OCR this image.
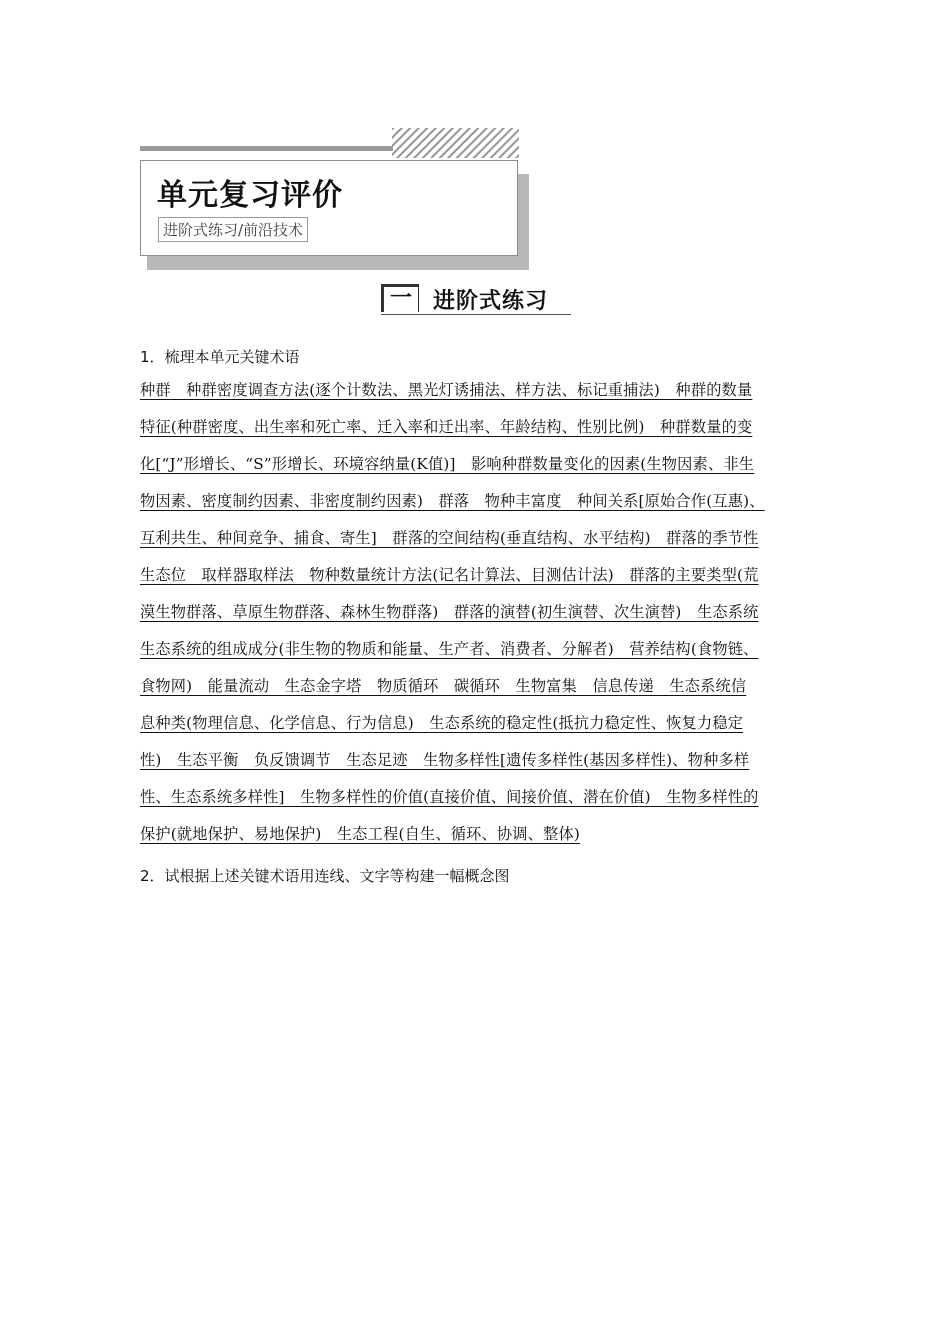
单元复习评价
进阶式练习/前沿技术
一 进阶式练习
1．梳理本单元关键术语
种群　种群密度调查方法(逐个计数法、黑光灯诱捕法、样方法、标记重捕法)　种群的数量
特征(种群密度、出生率和死亡率、迁入率和迁出率、年龄结构、性别比例)　种群数量的变
化[“J”形增长、“S”形增长、环境容纳量(K值)]　影响种群数量变化的因素(生物因素、非生
物因素、密度制约因素、非密度制约因素)　群落　物种丰富度　种间关系[原始合作(互惠)、
互利共生、种间竞争、捕食、寄生]　群落的空间结构(垂直结构、水平结构)　群落的季节性
生态位　取样器取样法　物种数量统计方法(记名计算法、目测估计法)　群落的主要类型(荒
漠生物群落、草原生物群落、森林生物群落)　群落的演替(初生演替、次生演替)　生态系统
生态系统的组成成分(非生物的物质和能量、生产者、消费者、分解者)　营养结构(食物链、
食物网)　能量流动　生态金字塔　物质循环　碳循环　生物富集　信息传递　生态系统信
息种类(物理信息、化学信息、行为信息)　生态系统的稳定性(抵抗力稳定性、恢复力稳定
性)　生态平衡　负反馈调节　生态足迹　生物多样性[遗传多样性(基因多样性)、物种多样
性、生态系统多样性]　生物多样性的价值(直接价值、间接价值、潜在价值)　生物多样性的
保护(就地保护、易地保护)　生态工程(自生、循环、协调、整体)
2．试根据上述关键术语用连线、文字等构建一幅概念图
